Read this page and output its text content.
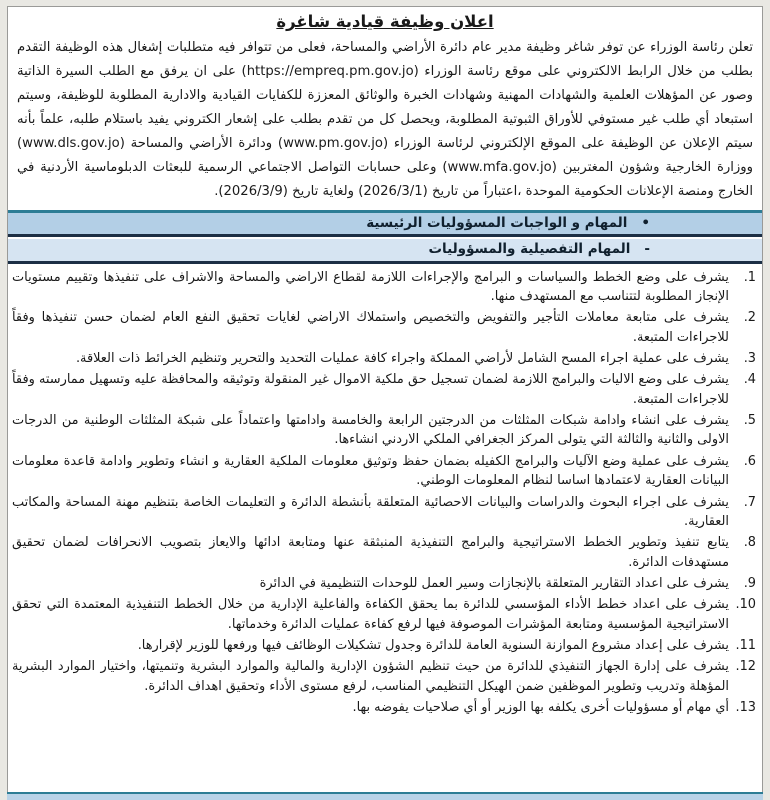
اعلان وظيفة قيادية شاغرة

تعلن رئاسة الوزراء عن توفر شاغر وظيفة مدير عام دائرة الأراضي والمساحة، فعلى من تتوافر فيه متطلبات إشغال هذه الوظيفة التقدم بطلب من خلال الرابط الالكتروني على موقع رئاسة الوزراء (https://empreq.pm.gov.jo) على ان يرفق مع الطلب السيرة الذاتية وصور عن المؤهلات العلمية والشهادات المهنية وشهادات الخبرة والوثائق المعززة للكفايات القيادية والادارية المطلوبة للوظيفة، وسيتم استبعاد أي طلب غير مستوفي للأوراق الثبوتية المطلوبة، ويحصل كل من تقدم بطلب على إشعار الكتروني يفيد باستلام طلبه، علماً بأنه سيتم الإعلان عن الوظيفة على الموقع الإلكتروني لرئاسة الوزراء (www.pm.gov.jo) ودائرة الأراضي والمساحة (www.dls.gov.jo) ووزارة الخارجية وشؤون المغتربين (www.mfa.gov.jo) وعلى حسابات التواصل الاجتماعي الرسمية للبعثات الدبلوماسية الأردنية في الخارج ومنصة الإعلانات الحكومية الموحدة ،اعتباراً من تاريخ (2026/3/1) ولغاية تاريخ (2026/3/9).

•المهام و الواجبات المسؤوليات الرئيسية
-المهام التفصيلية والمسؤوليات
1.
يشرف على وضع الخطط والسياسات و البرامج والإجراءات اللازمة لقطاع الاراضي والمساحة والاشراف على تنفيذها وتقييم مستويات الإنجاز المطلوبة لتتناسب مع المستهدف منها.
2.
يشرف على متابعة معاملات التأجير والتفويض والتخصيص واستملاك الاراضي لغايات تحقيق النفع العام لضمان حسن تنفيذها وفقاً للاجراءات المتبعة.
3.
يشرف على عملية اجراء المسح الشامل لأراضي المملكة واجراء كافة عمليات التحديد والتحرير وتنظيم الخرائط ذات العلاقة.
4.
يشرف على وضع الاليات والبرامج اللازمة لضمان تسجيل حق ملكية الاموال غير المنقولة وتوثيقه والمحافظة عليه وتسهيل ممارسته وفقاً للاجراءات المتبعة.
5.
يشرف على انشاء وادامة شبكات المثلثات من الدرجتين الرابعة والخامسة وادامتها واعتماداً على شبكة المثلثات الوطنية من الدرجات الاولى والثانية والثالثة التي يتولى المركز الجغرافي الملكي الاردني انشاءها.
6.
يشرف على عملية وضع الآليات والبرامج الكفيله بضمان حفظ وتوثيق معلومات الملكية العقارية و انشاء وتطوير وادامة قاعدة معلومات البيانات العقارية لاعتمادها اساسا لنظام المعلومات الوطني.
7.
يشرف على اجراء البحوث والدراسات والبيانات الاحصائية المتعلقة بأنشطة الدائرة و التعليمات الخاصة بتنظيم مهنة المساحة والمكاتب العقارية.
8.
يتابع تنفيذ وتطوير الخطط الاستراتيجية والبرامج التنفيذية المنبثقة عنها ومتابعة ادائها والايعاز بتصويب الانحرافات لضمان تحقيق مستهدفات الدائرة.
9.
يشرف على اعداد التقارير المتعلقة بالإنجازات وسير العمل للوحدات التنظيمية في الدائرة
10.
يشرف على اعداد خطط الأداء المؤسسي للدائرة بما يحقق الكفاءة والفاعلية الإدارية من خلال الخطط التنفيذية المعتمدة التي تحقق الاستراتيجية المؤسسية ومتابعة المؤشرات الموصوفة فيها لرفع كفاءة عمليات الدائرة وخدماتها.
11.
يشرف على إعداد مشروع الموازنة السنوية العامة للدائرة وجدول تشكيلات الوظائف فيها ورفعها للوزير لإقرارها.
12.
يشرف على إدارة الجهاز التنفيذي للدائرة من حيث تنظيم الشؤون الإدارية والمالية والموارد البشرية وتنميتها، واختيار الموارد البشرية المؤهلة وتدريب وتطوير الموظفين ضمن الهيكل التنظيمي المناسب، لرفع مستوى الأداء وتحقيق اهداف الدائرة.
13.
أي مهام أو مسؤوليات أخرى يكلفه بها الوزير أو أي صلاحيات يفوضه بها.
